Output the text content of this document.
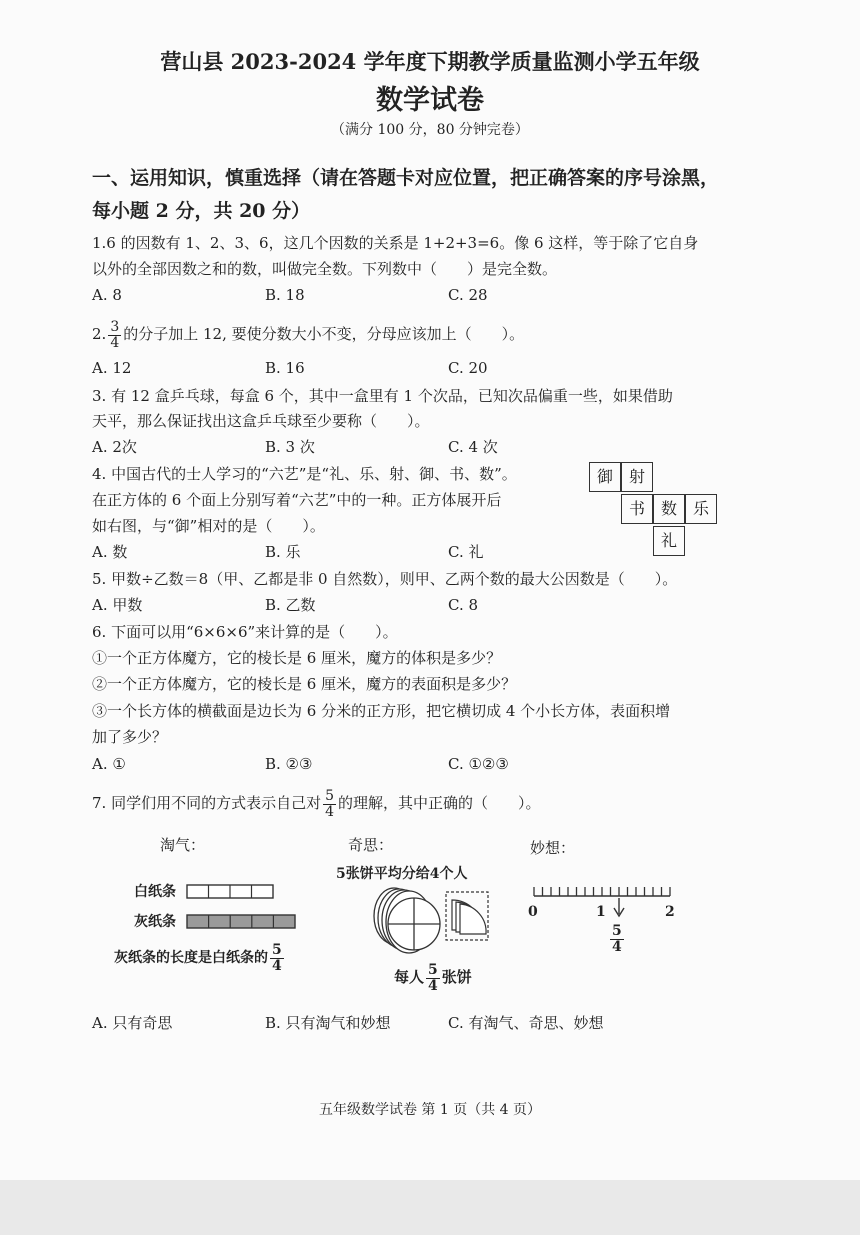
营山县 2023-2024 学年度下期教学质量监测小学五年级
数学试卷
（满分 100 分，80 分钟完卷）
一、运用知识，慎重选择（请在答题卡对应位置，把正确答案的序号涂黑，
每小题 2 分，共 20 分）
1.6 的因数有 1、2、3、6，这几个因数的关系是 1+2+3=6。像 6 这样，等于除了它自身
以外的全部因数之和的数，叫做完全数。下列数中（　　）是完全数。
A. 8	B. 18	C. 28
2. $\frac{3}{4}$ 的分子加上 12, 要使分数大小不变，分母应该加上（　　）。
A. 12	B. 16	C. 20
3. 有 12 盒乒乓球，每盒 6 个，其中一盒里有 1 个次品，已知次品偏重一些，如果借助
天平，那么保证找出这盒乒乓球至少要称（　　）。
A. 2次	B. 3 次	C. 4 次
4. 中国古代的士人学习的“六艺”是“礼、乐、射、御、书、数”。
在正方体的 6 个面上分别写着“六艺”中的一种。正方体展开后
如右图，与“御”相对的是（　　）。
A. 数	B. 乐	C. 礼
御 射
书 数 乐
礼
5. 甲数÷乙数＝8（甲、乙都是非 0 自然数），则甲、乙两个数的最大公因数是（　　）。
A. 甲数	B. 乙数	C. 8
6. 下面可以用“6×6×6”来计算的是（　　）。
①一个正方体魔方，它的棱长是 6 厘米，魔方的体积是多少？
②一个正方体魔方，它的棱长是 6 厘米，魔方的表面积是多少？
③一个长方体的横截面是边长为 6 分米的正方形，把它横切成 4 个小长方体，表面积增
加了多少？
A. ①	B. ②③	C. ①②③
7. 同学们用不同的方式表示自己对 $\frac{5}{4}$ 的理解，其中正确的（　　）。
淘气：	奇思：	妙想：
白纸条
灰纸条
灰纸条的长度是白纸条的 $\frac{5}{4}$
5张饼平均分给4个人
每人 $\frac{5}{4}$ 张饼
0	1	2
$\frac{5}{4}$
A. 只有奇思	B. 只有淘气和妙想	C. 有淘气、奇思、妙想
五年级数学试卷 第 1 页（共 4 页）
